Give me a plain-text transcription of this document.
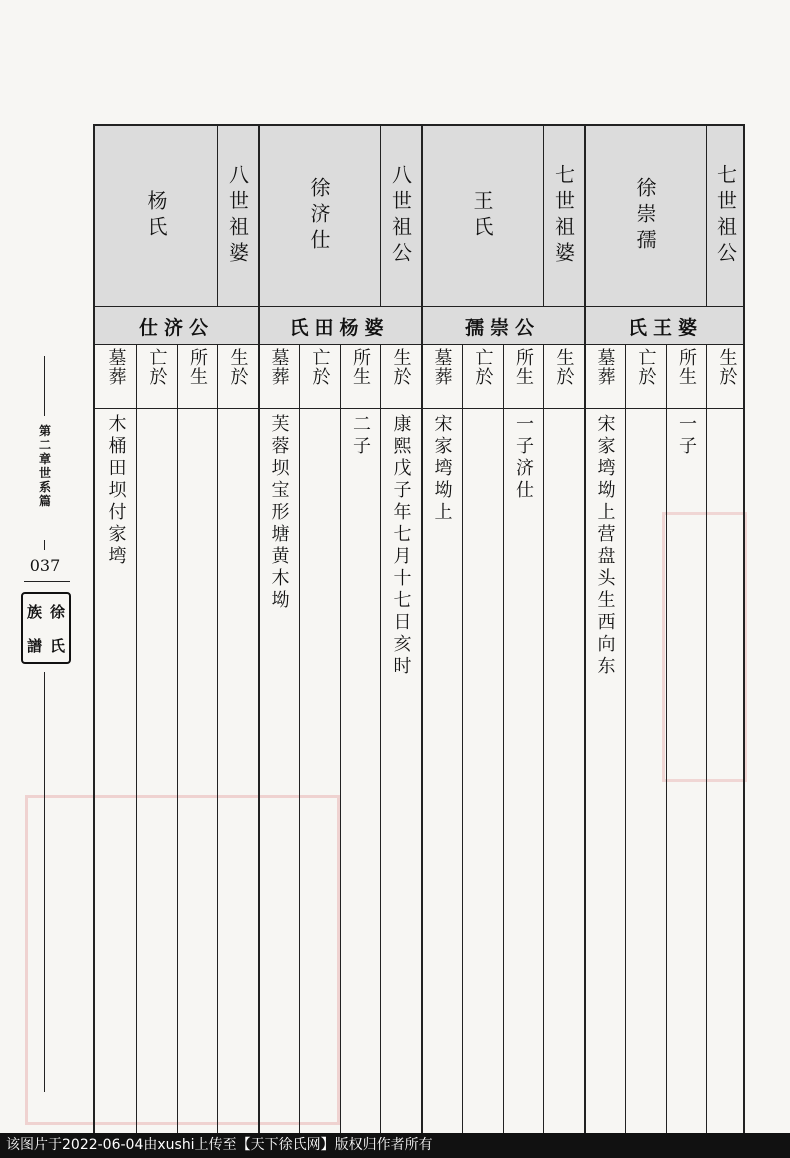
第
二
章
世
系
篇
037
徐
氏
族
譜
七世祖公
徐崇孺
氏王婆
生於
所生
亡於
墓葬
一子
宋家塆坳上营盘头生西向东
七世祖婆
王氏
孺崇公
生於
所生
亡於
墓葬
一子济仕
宋家塆坳上
八世祖公
徐济仕
氏田杨婆
生於
所生
亡於
墓葬
康熙戊子年七月十七日亥时
二子
芙蓉坝宝形塘黄木坳
八世祖婆
杨氏
仕济公
生於
所生
亡於
墓葬
木桶田坝付家塆
该图片于2022-06-04由xushi上传至【天下徐氏网】版权归作者所有
